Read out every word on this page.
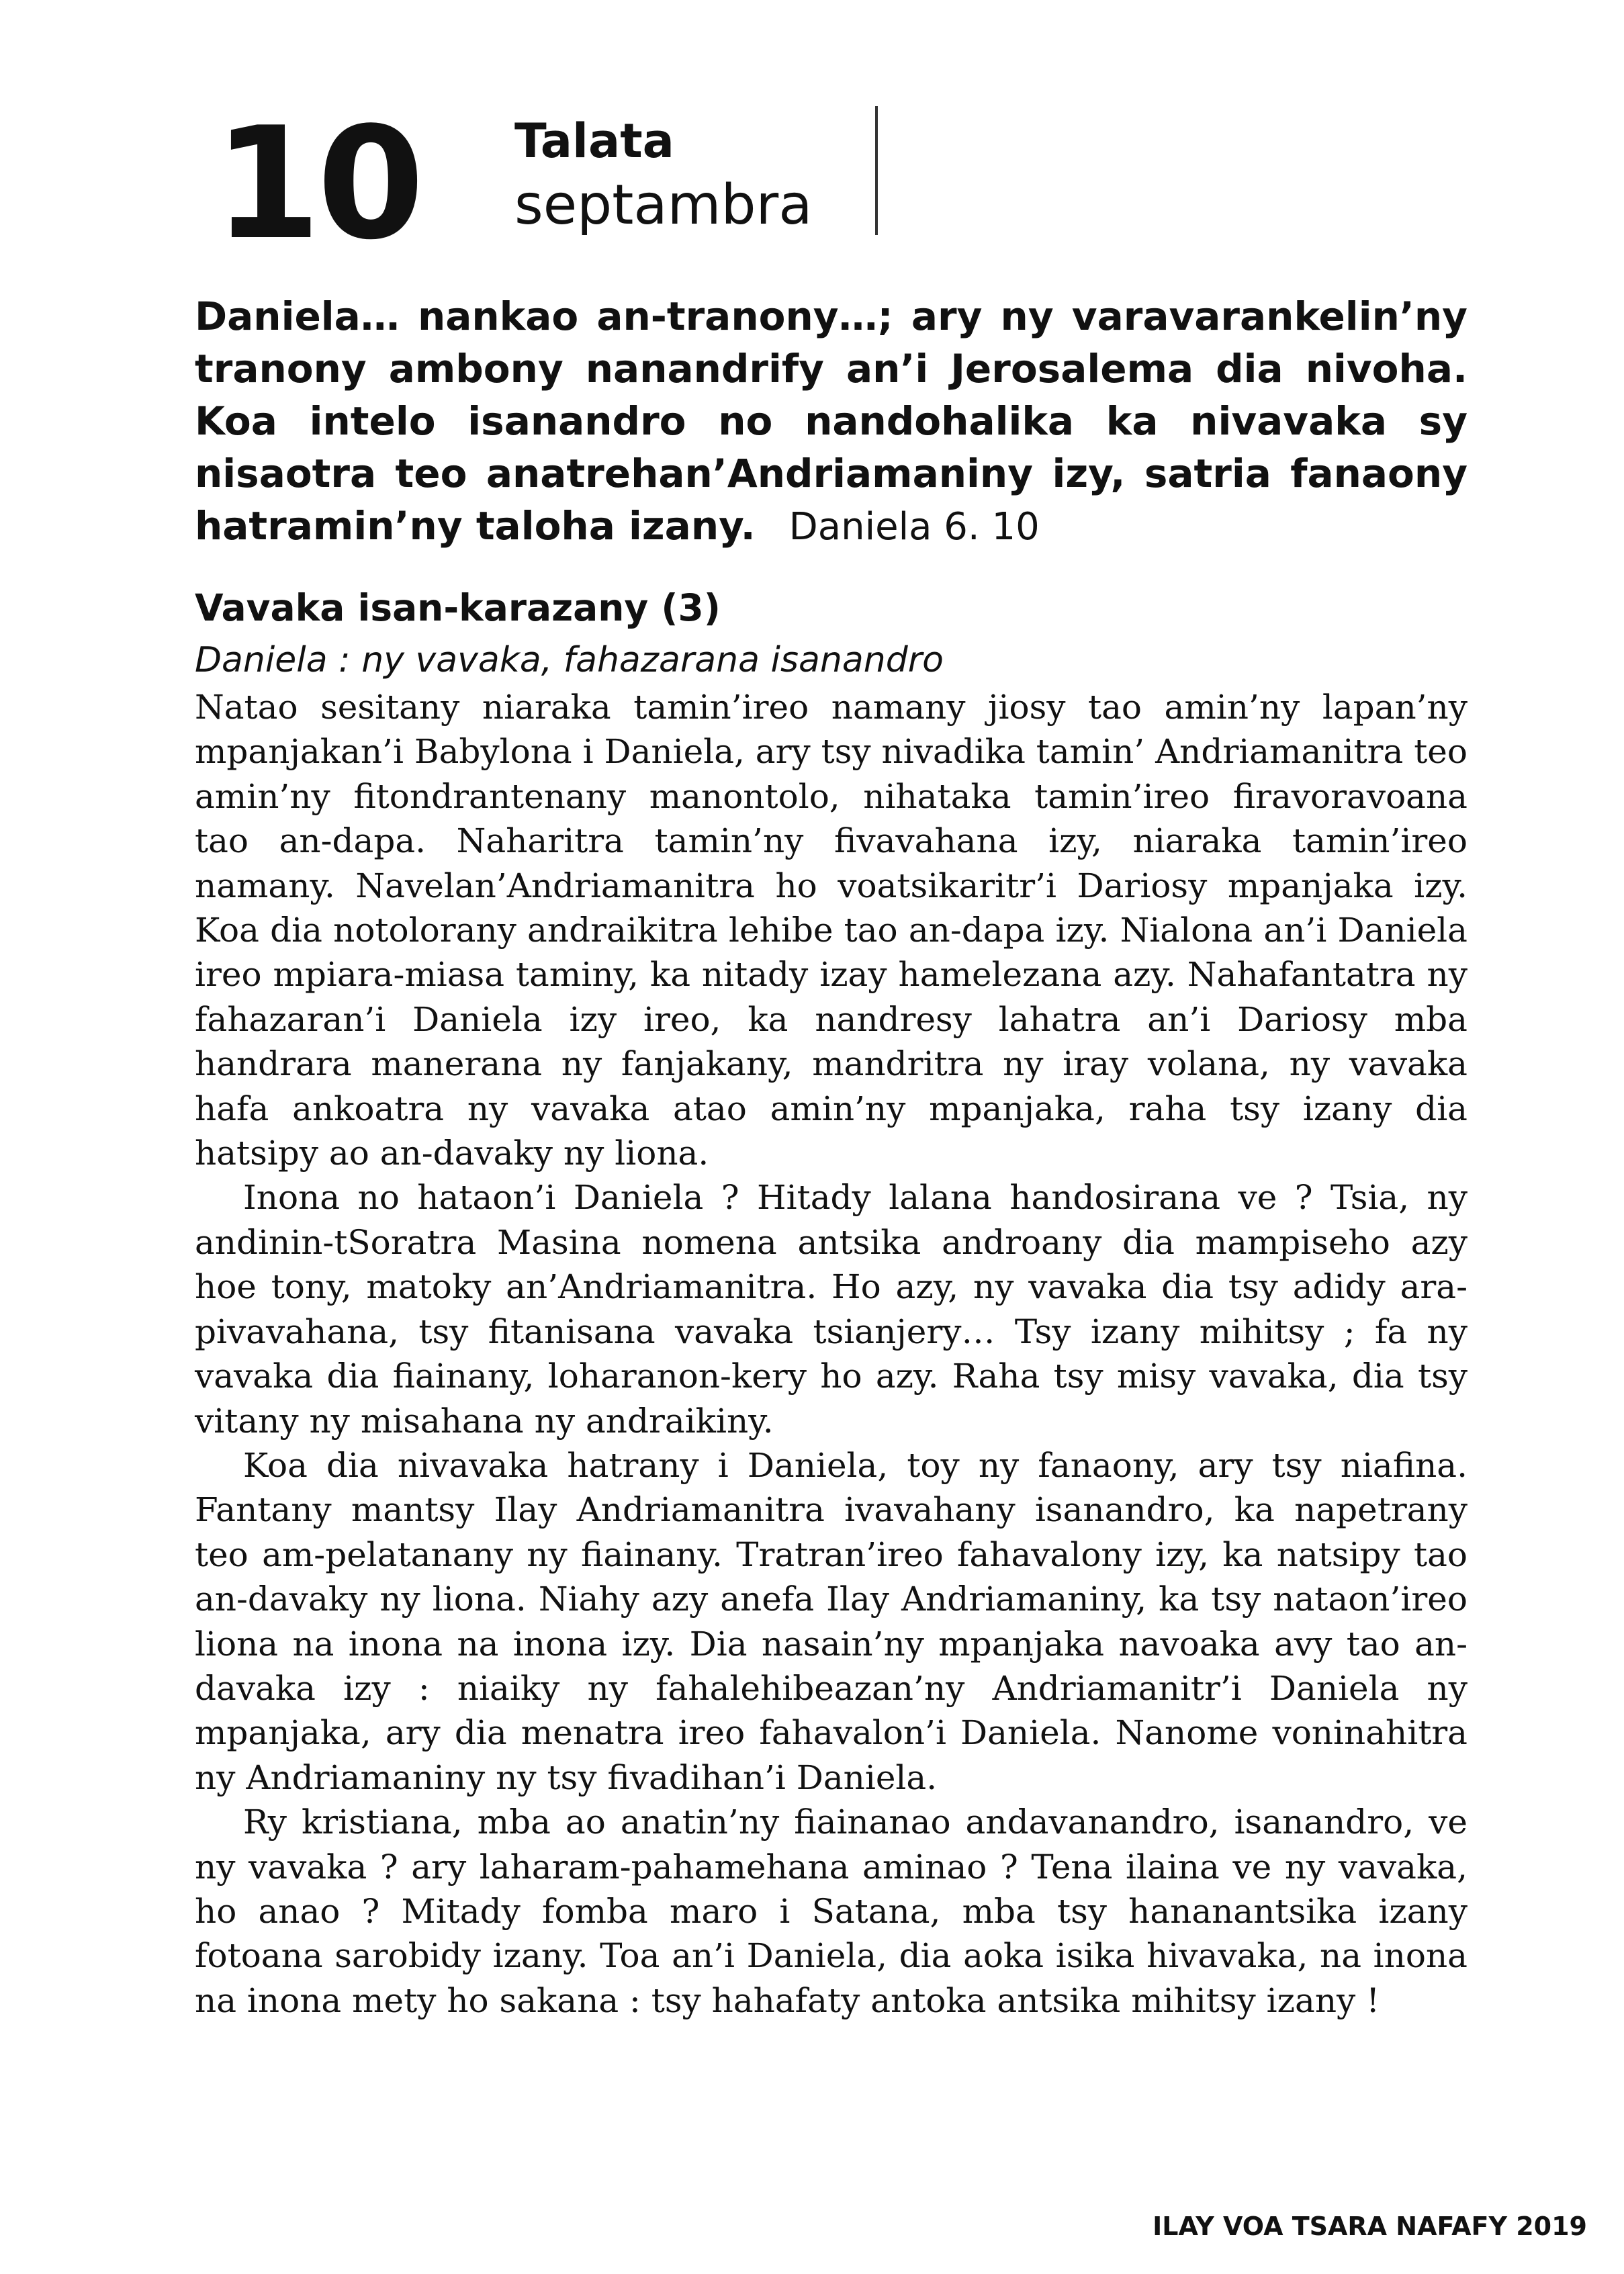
10 Talata
septambra
Daniela… nankao an-tranony…; ary ny varavarankelin’ny tranony ambony nanandrify an’i Jerosalema dia nivoha. Koa intelo isanandro no nandohalika ka nivavaka sy nisaotra teo anatrehan’Andriamaniny izy, satria fanaony hatramin’ny taloha izany. Daniela 6. 10
Vavaka isan-karazany (3)
Daniela : ny vavaka, fahazarana isanandro

Natao sesitany niaraka tamin’ireo namany jiosy tao amin’ny lapan’ny mpanjakan’i Babylona i Daniela, ary tsy nivadika tamin’ Andriamanitra teo amin’ny fitondrantenany manontolo, nihataka tamin’ireo firavoravoana tao an-dapa. Naharitra tamin’ny fivavahana izy, niaraka tamin’ireo namany. Navelan’Andriamanitra ho voatsikaritr’i Dariosy mpanjaka izy. Koa dia notolorany andraikitra lehibe tao an-dapa izy. Nialona an’i Daniela ireo mpiara-miasa taminy, ka nitady izay hamelezana azy. Nahafantatra ny fahazaran’i Daniela izy ireo, ka nandresy lahatra an’i Dariosy mba handrara manerana ny fanjakany, mandritra ny iray volana, ny vavaka hafa ankoatra ny vavaka atao amin’ny mpanjaka, raha tsy izany dia hatsipy ao an-davaky ny liona.

Inona no hataon’i Daniela ? Hitady lalana handosirana ve ? Tsia, ny andinin-tSoratra Masina nomena antsika androany dia mampiseho azy hoe tony, matoky an’Andriamanitra. Ho azy, ny vavaka dia tsy adidy ara-pivavahana, tsy fitanisana vavaka tsianjery… Tsy izany mihitsy ; fa ny vavaka dia fiainany, loharanon-kery ho azy. Raha tsy misy vavaka, dia tsy vitany ny misahana ny andraikiny.

Koa dia nivavaka hatrany i Daniela, toy ny fanaony, ary tsy niafina. Fantany mantsy Ilay Andriamanitra ivavahany isanandro, ka napetrany teo am-pelatanany ny fiainany. Tratran’ireo fahavalony izy, ka natsipy tao an-davaky ny liona. Niahy azy anefa Ilay Andriamaniny, ka tsy nataon’ireo liona na inona na inona izy. Dia nasain’ny mpanjaka navoaka avy tao an-davaka izy : niaiky ny fahalehibeazan’ny Andriamanitr’i Daniela ny mpanjaka, ary dia menatra ireo fahavalon’i Daniela. Nanome voninahitra ny Andriamaniny ny tsy fivadihan’i Daniela.

Ry kristiana, mba ao anatin’ny fiainanao andavanandro, isanandro, ve ny vavaka ? ary laharam-pahamehana aminao ? Tena ilaina ve ny vavaka, ho anao ? Mitady fomba maro i Satana, mba tsy hananantsika izany fotoana sarobidy izany. Toa an’i Daniela, dia aoka isika hivavaka, na inona na inona mety ho sakana : tsy hahafaty antoka antsika mihitsy izany !

ILAY VOA TSARA NAFAFY 2019
